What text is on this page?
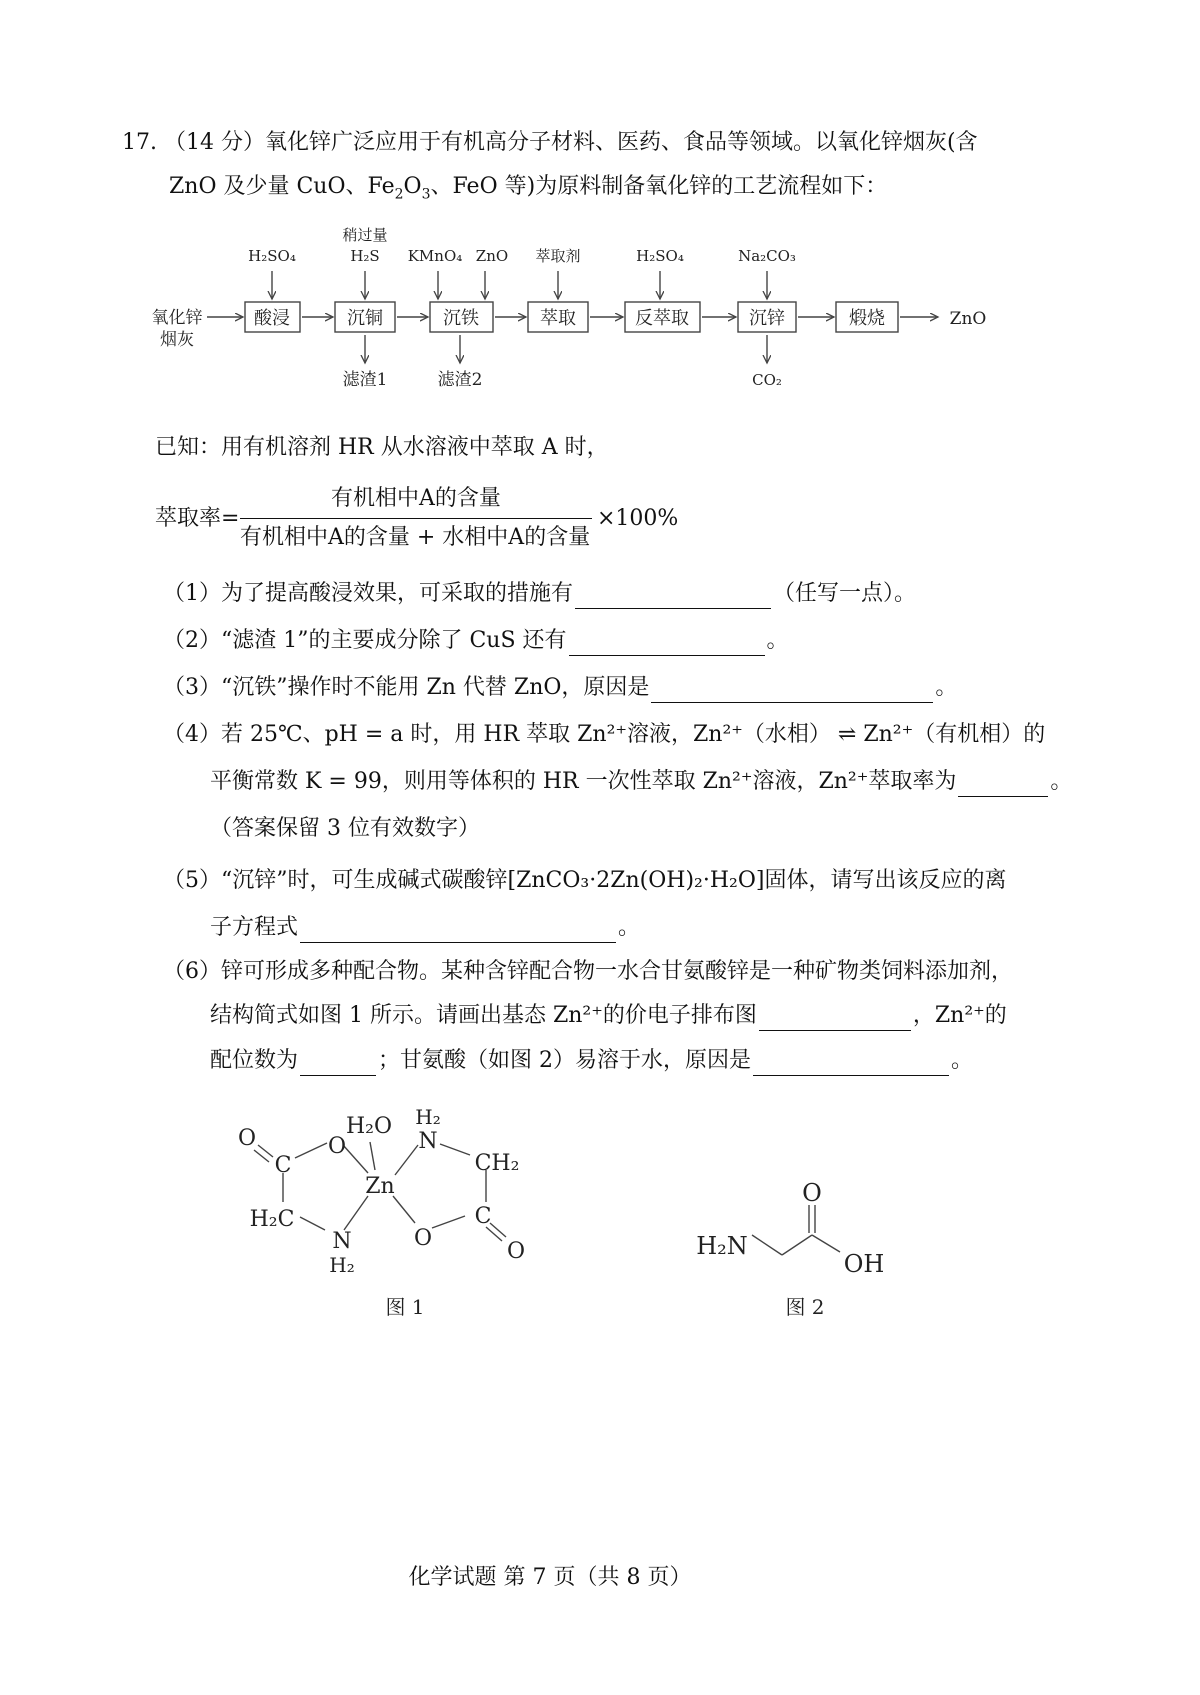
17. （14 分）氧化锌广泛应用于有机高分子材料、医药、食品等领域。以氧化锌烟灰(含
ZnO 及少量 CuO、$Fe_2O_3$、FeO 等)为原料制备氧化锌的工艺流程如下：
氧化锌
烟灰
酸浸	沉铜	沉铁	萃取	反萃取	沉锌	煅烧	ZnO
H₂SO₄
稍过量
H₂S KMnO₄ ZnO 萃取剂	H₂SO₄	Na₂CO₃
滤渣1	滤渣2	CO₂
已知：用有机溶剂 HR 从水溶液中萃取 A 时，
萃取率=
有机相中A的含量
有机相中A的含量 + 水相中A的含量
×100%
（1）为了提高酸浸效果，可采取的措施有	（任写一点）。
（2）“滤渣 1”的主要成分除了 CuS 还有	。
（3）“沉铁”操作时不能用 Zn 代替 ZnO，原因是	。
（4）若 25℃、pH = a 时，用 HR 萃取 Zn²⁺溶液，Zn²⁺（水相） ⇌ Zn²⁺（有机相）的
平衡常数 K = 99，则用等体积的 HR 一次性萃取 Zn²⁺溶液，Zn²⁺萃取率为	。
（答案保留 3 位有效数字）
（5）“沉锌”时，可生成碱式碳酸锌[ZnCO₃·2Zn(OH)₂·H₂O]固体，请写出该反应的离
子方程式	。
（6）锌可形成多种配合物。某种含锌配合物一水合甘氨酸锌是一种矿物类饲料添加剂，
结构简式如图 1 所示。请画出基态 Zn²⁺的价电子排布图	，Zn²⁺的
配位数为	；甘氨酸（如图 2）易溶于水，原因是	。
O
C
O
H₂O
Zn
H₂
N
CH₂
H₂C
N
H₂
O
C
O
图 1
H₂N
O
OH
图 2
化学试题 第 7 页（共 8 页）
